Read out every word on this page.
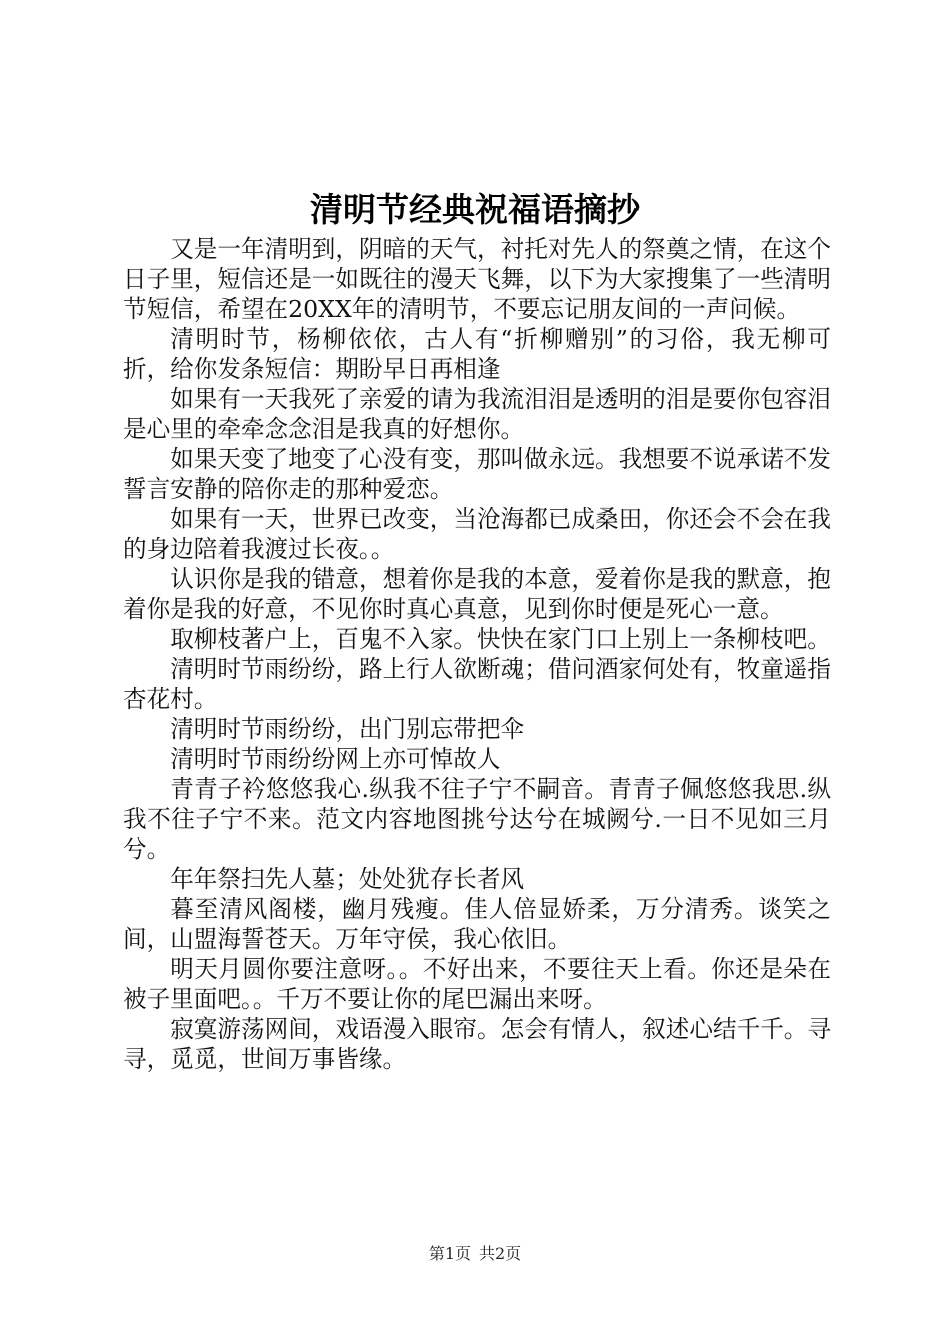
清明节经典祝福语摘抄

又是一年清明到，阴暗的天气，衬托对先人的祭奠之情，在这个日子里，短信还是一如既往的漫天飞舞，以下为大家搜集了一些清明节短信，希望在20XX年的清明节，不要忘记朋友间的一声问候。

清明时节，杨柳依依，古人有“折柳赠别”的习俗，我无柳可折，给你发条短信：期盼早日再相逢

如果有一天我死了亲爱的请为我流泪泪是透明的泪是要你包容泪是心里的牵牵念念泪是我真的好想你。

如果天变了地变了心没有变，那叫做永远。我想要不说承诺不发誓言安静的陪你走的那种爱恋。

如果有一天，世界已改变，当沧海都已成桑田，你还会不会在我的身边陪着我渡过长夜。。

认识你是我的错意，想着你是我的本意，爱着你是我的默意，抱着你是我的好意，不见你时真心真意，见到你时便是死心一意。

取柳枝著户上，百鬼不入家。快快在家门口上别上一条柳枝吧。

清明时节雨纷纷，路上行人欲断魂；借问酒家何处有，牧童遥指杏花村。

清明时节雨纷纷，出门别忘带把伞

清明时节雨纷纷网上亦可悼故人

青青子衿悠悠我心.纵我不往子宁不嗣音。青青子佩悠悠我思.纵我不往子宁不来。范文内容地图挑兮达兮在城阙兮.一日不见如三月兮。

年年祭扫先人墓；处处犹存长者风

暮至清风阁楼，幽月残瘦。佳人倍显娇柔，万分清秀。谈笑之间，山盟海誓苍天。万年守侯，我心依旧。

明天月圆你要注意呀。。不好出来，不要往天上看。你还是朵在被子里面吧。。千万不要让你的尾巴漏出来呀。

寂寞游荡网间，戏语漫入眼帘。怎会有情人，叙述心结千千。寻寻，觅觅，世间万事皆缘。

第1页 共2页
